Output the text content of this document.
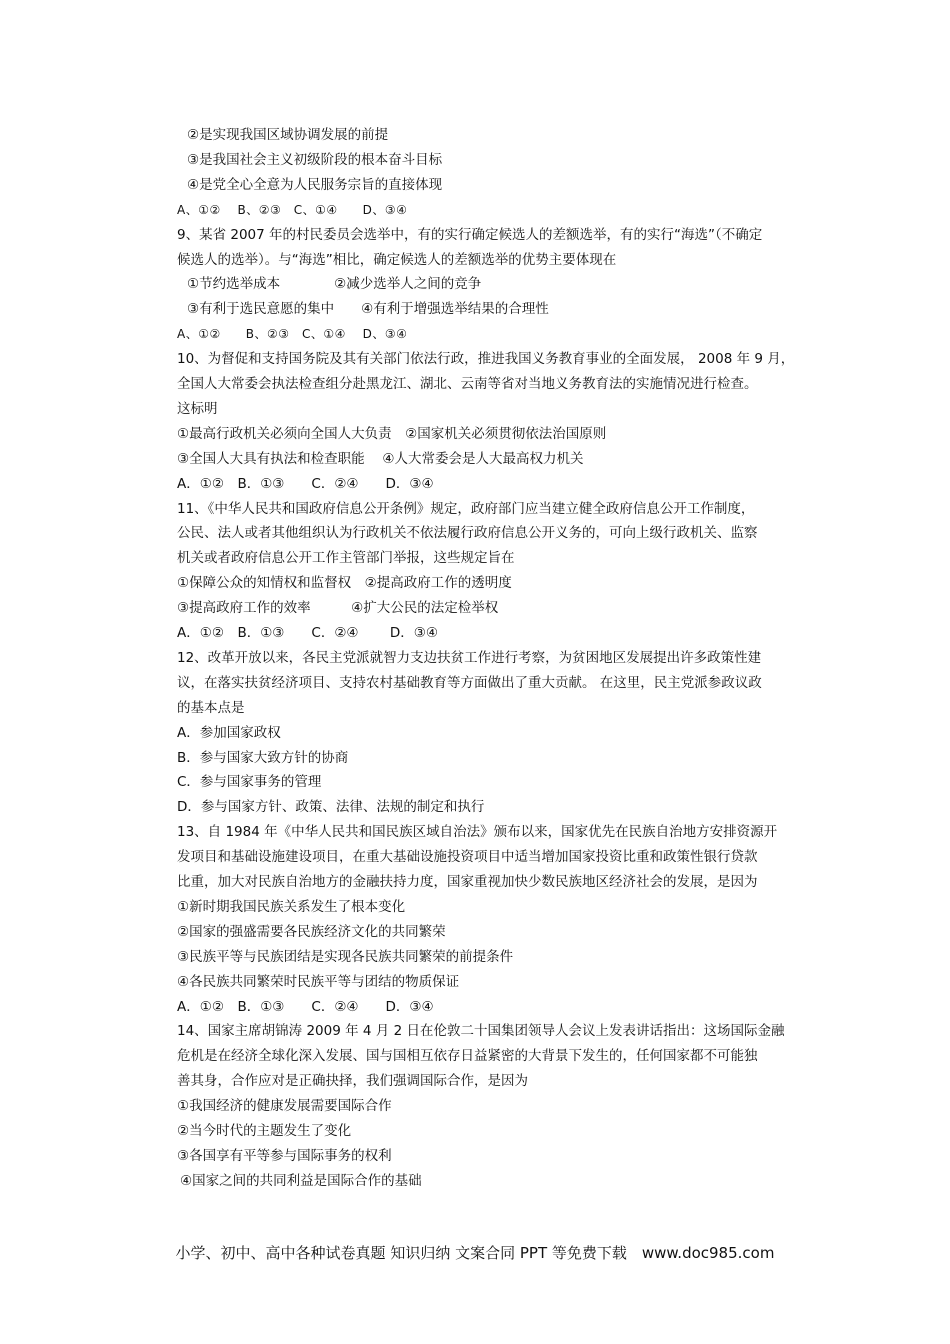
②是实现我国区域协调发展的前提
③是我国社会主义初级阶段的根本奋斗目标
④是党全心全意为人民服务宗旨的直接体现
A、①②　 B、②③　C、①④　　D、③④
9、某省 2007 年的村民委员会选举中，有的实行确定候选人的差额选举，有的实行“海选”（不确定
候选人的选举）。与“海选”相比，确定候选人的差额选举的优势主要体现在
①节约选举成本　　　　②减少选举人之间的竞争
③有利于选民意愿的集中　　④有利于增强选举结果的合理性
A、①②　　B、②③　C、①④　 D、③④
10、为督促和支持国务院及其有关部门依法行政，推进我国义务教育事业的全面发展， 2008 年 9 月，
全国人大常委会执法检查组分赴黑龙江、湖北、云南等省对当地义务教育法的实施情况进行检查。
这标明
①最高行政机关必须向全国人大负责　②国家机关必须贯彻依法治国原则
③全国人大具有执法和检查职能　 ④人大常委会是人大最高权力机关
A．①②　B．①③　　C．②④　　D．③④
11、《中华人民共和国政府信息公开条例》规定，政府部门应当建立健全政府信息公开工作制度，
公民、法人或者其他组织认为行政机关不依法履行政府信息公开义务的，可向上级行政机关、监察
机关或者政府信息公开工作主管部门举报，这些规定旨在
①保障公众的知情权和监督权　②提高政府工作的透明度
③提高政府工作的效率　　　④扩大公民的法定检举权
A．①②　B．①③　　C．②④　　 D．③④
12、改革开放以来，各民主党派就智力支边扶贫工作进行考察，为贫困地区发展提出许多政策性建
议，在落实扶贫经济项目、支持农村基础教育等方面做出了重大贡献。 在这里，民主党派参政议政
的基本点是
A．参加国家政权
B．参与国家大致方针的协商
C．参与国家事务的管理
D．参与国家方针、政策、法律、法规的制定和执行
13、自 1984 年《中华人民共和国民族区域自治法》颁布以来，国家优先在民族自治地方安排资源开
发项目和基础设施建设项目，在重大基础设施投资项目中适当增加国家投资比重和政策性银行贷款
比重，加大对民族自治地方的金融扶持力度，国家重视加快少数民族地区经济社会的发展，是因为
①新时期我国民族关系发生了根本变化
②国家的强盛需要各民族经济文化的共同繁荣
③民族平等与民族团结是实现各民族共同繁荣的前提条件
④各民族共同繁荣时民族平等与团结的物质保证
A．①②　B．①③　　C．②④　　D．③④
14、国家主席胡锦涛 2009 年 4 月 2 日在伦敦二十国集团领导人会议上发表讲话指出：这场国际金融
危机是在经济全球化深入发展、国与国相互依存日益紧密的大背景下发生的，任何国家都不可能独
善其身，合作应对是正确抉择，我们强调国际合作，是因为
①我国经济的健康发展需要国际合作
②当今时代的主题发生了变化
③各国享有平等参与国际事务的权利
④国家之间的共同利益是国际合作的基础
小学、初中、高中各种试卷真题 知识归纳 文案合同 PPT 等免费下载　www.doc985.com
